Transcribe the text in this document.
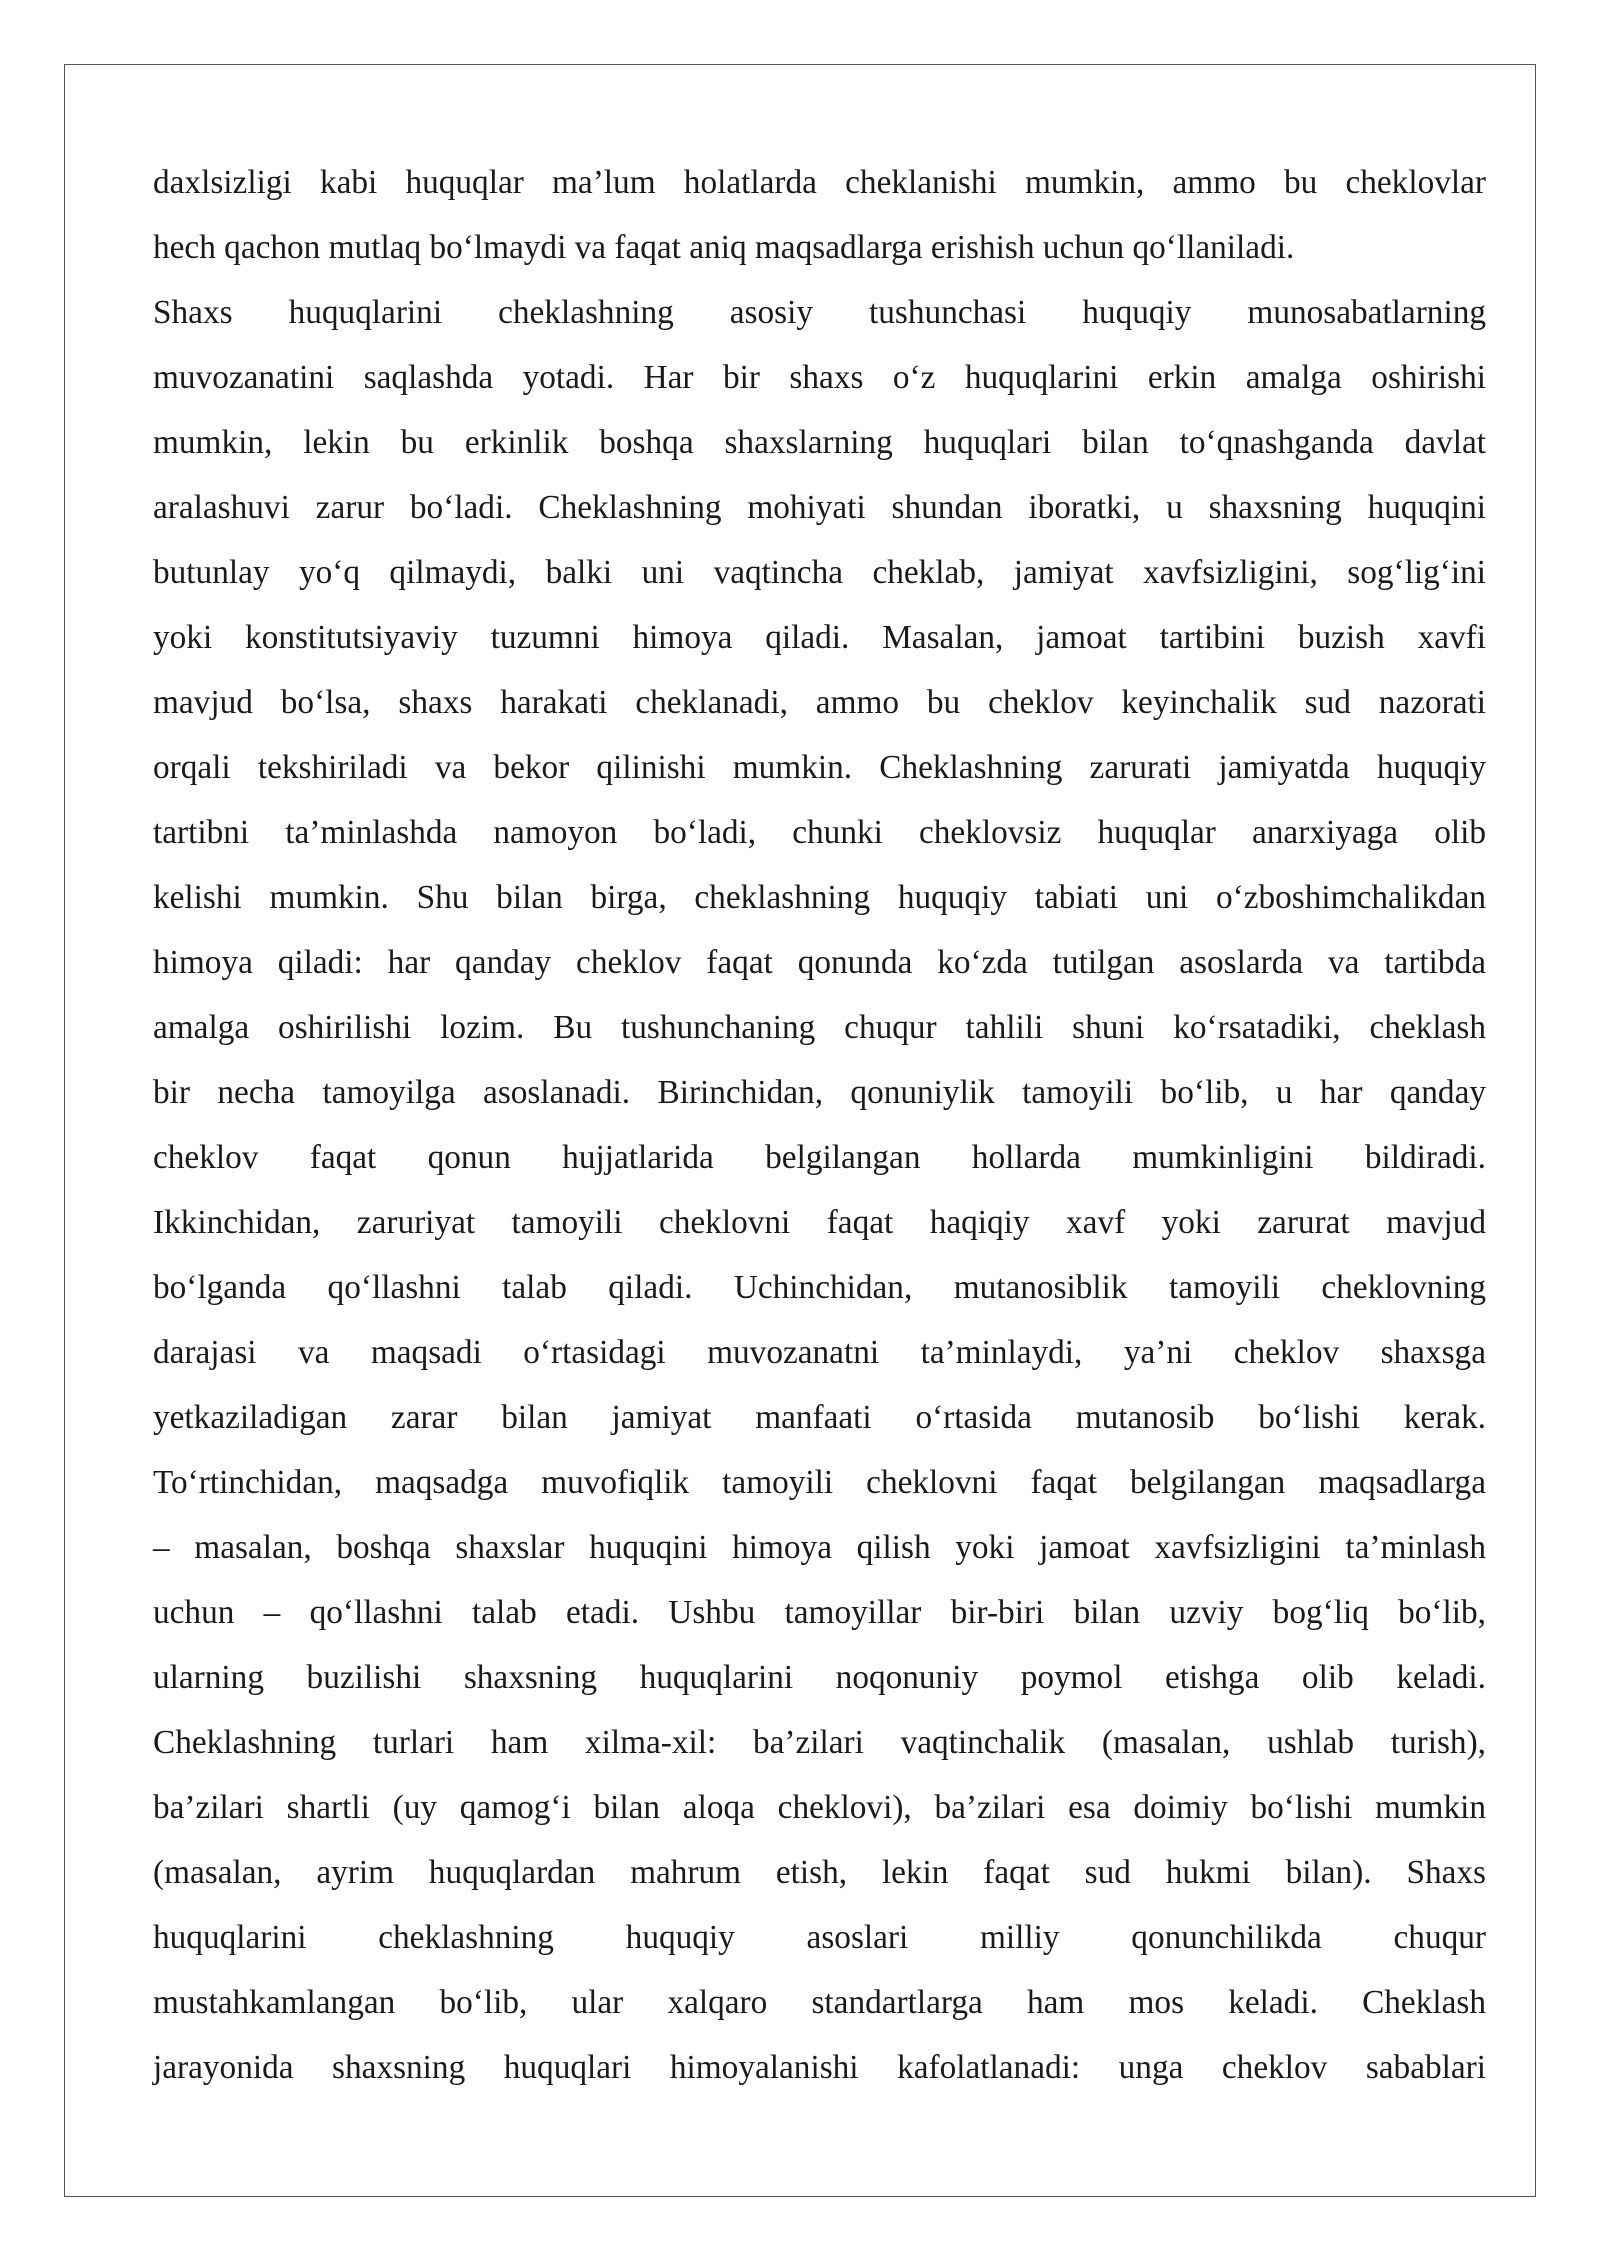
daxlsizligi kabi huquqlar ma’lum holatlarda cheklanishi mumkin, ammo bu cheklovlar

hech qachon mutlaq bo‘lmaydi va faqat aniq maqsadlarga erishish uchun qo‘llaniladi.

Shaxs huquqlarini cheklashning asosiy tushunchasi huquqiy munosabatlarning

muvozanatini saqlashda yotadi. Har bir shaxs o‘z huquqlarini erkin amalga oshirishi

mumkin, lekin bu erkinlik boshqa shaxslarning huquqlari bilan to‘qnashganda davlat

aralashuvi zarur bo‘ladi. Cheklashning mohiyati shundan iboratki, u shaxsning huquqini

butunlay yo‘q qilmaydi, balki uni vaqtincha cheklab, jamiyat xavfsizligini, sog‘lig‘ini

yoki konstitutsiyaviy tuzumni himoya qiladi. Masalan, jamoat tartibini buzish xavfi

mavjud bo‘lsa, shaxs harakati cheklanadi, ammo bu cheklov keyinchalik sud nazorati

orqali tekshiriladi va bekor qilinishi mumkin. Cheklashning zarurati jamiyatda huquqiy

tartibni ta’minlashda namoyon bo‘ladi, chunki cheklovsiz huquqlar anarxiyaga olib

kelishi mumkin. Shu bilan birga, cheklashning huquqiy tabiati uni o‘zboshimchalikdan

himoya qiladi: har qanday cheklov faqat qonunda ko‘zda tutilgan asoslarda va tartibda

amalga oshirilishi lozim. Bu tushunchaning chuqur tahlili shuni ko‘rsatadiki, cheklash

bir necha tamoyilga asoslanadi. Birinchidan, qonuniylik tamoyili bo‘lib, u har qanday

cheklov faqat qonun hujjatlarida belgilangan hollarda mumkinligini bildiradi.

Ikkinchidan, zaruriyat tamoyili cheklovni faqat haqiqiy xavf yoki zarurat mavjud

bo‘lganda qo‘llashni talab qiladi. Uchinchidan, mutanosiblik tamoyili cheklovning

darajasi va maqsadi o‘rtasidagi muvozanatni ta’minlaydi, ya’ni cheklov shaxsga

yetkaziladigan zarar bilan jamiyat manfaati o‘rtasida mutanosib bo‘lishi kerak.

To‘rtinchidan, maqsadga muvofiqlik tamoyili cheklovni faqat belgilangan maqsadlarga

– masalan, boshqa shaxslar huquqini himoya qilish yoki jamoat xavfsizligini ta’minlash

uchun – qo‘llashni talab etadi. Ushbu tamoyillar bir-biri bilan uzviy bog‘liq bo‘lib,

ularning buzilishi shaxsning huquqlarini noqonuniy poymol etishga olib keladi.

Cheklashning turlari ham xilma-xil: ba’zilari vaqtinchalik (masalan, ushlab turish),

ba’zilari shartli (uy qamog‘i bilan aloqa cheklovi), ba’zilari esa doimiy bo‘lishi mumkin

(masalan, ayrim huquqlardan mahrum etish, lekin faqat sud hukmi bilan). Shaxs

huquqlarini cheklashning huquqiy asoslari milliy qonunchilikda chuqur

mustahkamlangan bo‘lib, ular xalqaro standartlarga ham mos keladi. Cheklash

jarayonida shaxsning huquqlari himoyalanishi kafolatlanadi: unga cheklov sabablari
